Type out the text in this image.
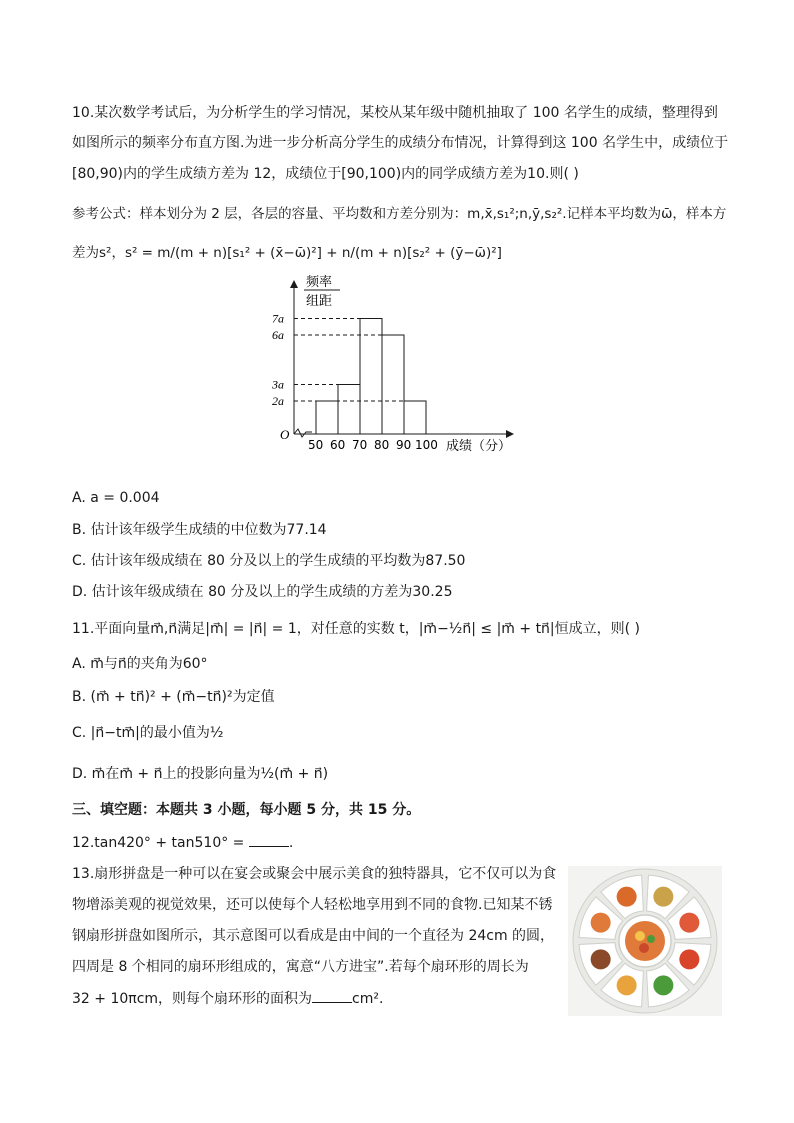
10.某次数学考试后，为分析学生的学习情况，某校从某年级中随机抽取了 100 名学生的成绩，整理得到
如图所示的频率分布直方图.为进一步分析高分学生的成绩分布情况，计算得到这 100 名学生中，成绩位于
[80,90)内的学生成绩方差为 12，成绩位于[90,100)内的同学成绩方差为10.则( )
参考公式：样本划分为 2 层，各层的容量、平均数和方差分别为：m,x̄,s₁²;n,ȳ,s₂².记样本平均数为ω̄，样本方
差为s²，s² = m/(m + n)[s₁² + (x̄−ω̄)²] + n/(m + n)[s₂² + (ȳ−ω̄)²]
O
频率
组距
7a
6a
3a
2a
50 60 70 80 90 100 成绩（分）
A. a = 0.004
B. 估计该年级学生成绩的中位数为77.14
C. 估计该年级成绩在 80 分及以上的学生成绩的平均数为87.50
D. 估计该年级成绩在 80 分及以上的学生成绩的方差为30.25
11.平面向量m⃗,n⃗满足|m⃗| = |n⃗| = 1，对任意的实数 t，|m⃗−½n⃗| ≤ |m⃗ + tn⃗|恒成立，则( )
A. m⃗与n⃗的夹角为60°
B. (m⃗ + tn⃗)² + (m⃗−tn⃗)²为定值
C. |n⃗−tm⃗|的最小值为½
D. m⃗在m⃗ + n⃗上的投影向量为½(m⃗ + n⃗)
三、填空题：本题共 3 小题，每小题 5 分，共 15 分。
12.tan420° + tan510° =	.
13.扇形拼盘是一种可以在宴会或聚会中展示美食的独特器具，它不仅可以为食
物增添美观的视觉效果，还可以使每个人轻松地享用到不同的食物.已知某不锈
钢扇形拼盘如图所示，其示意图可以看成是由中间的一个直径为 24cm 的圆，
四周是 8 个相同的扇环形组成的，寓意“八方进宝”.若每个扇环形的周长为
32 + 10πcm，则每个扇环形的面积为	cm².
